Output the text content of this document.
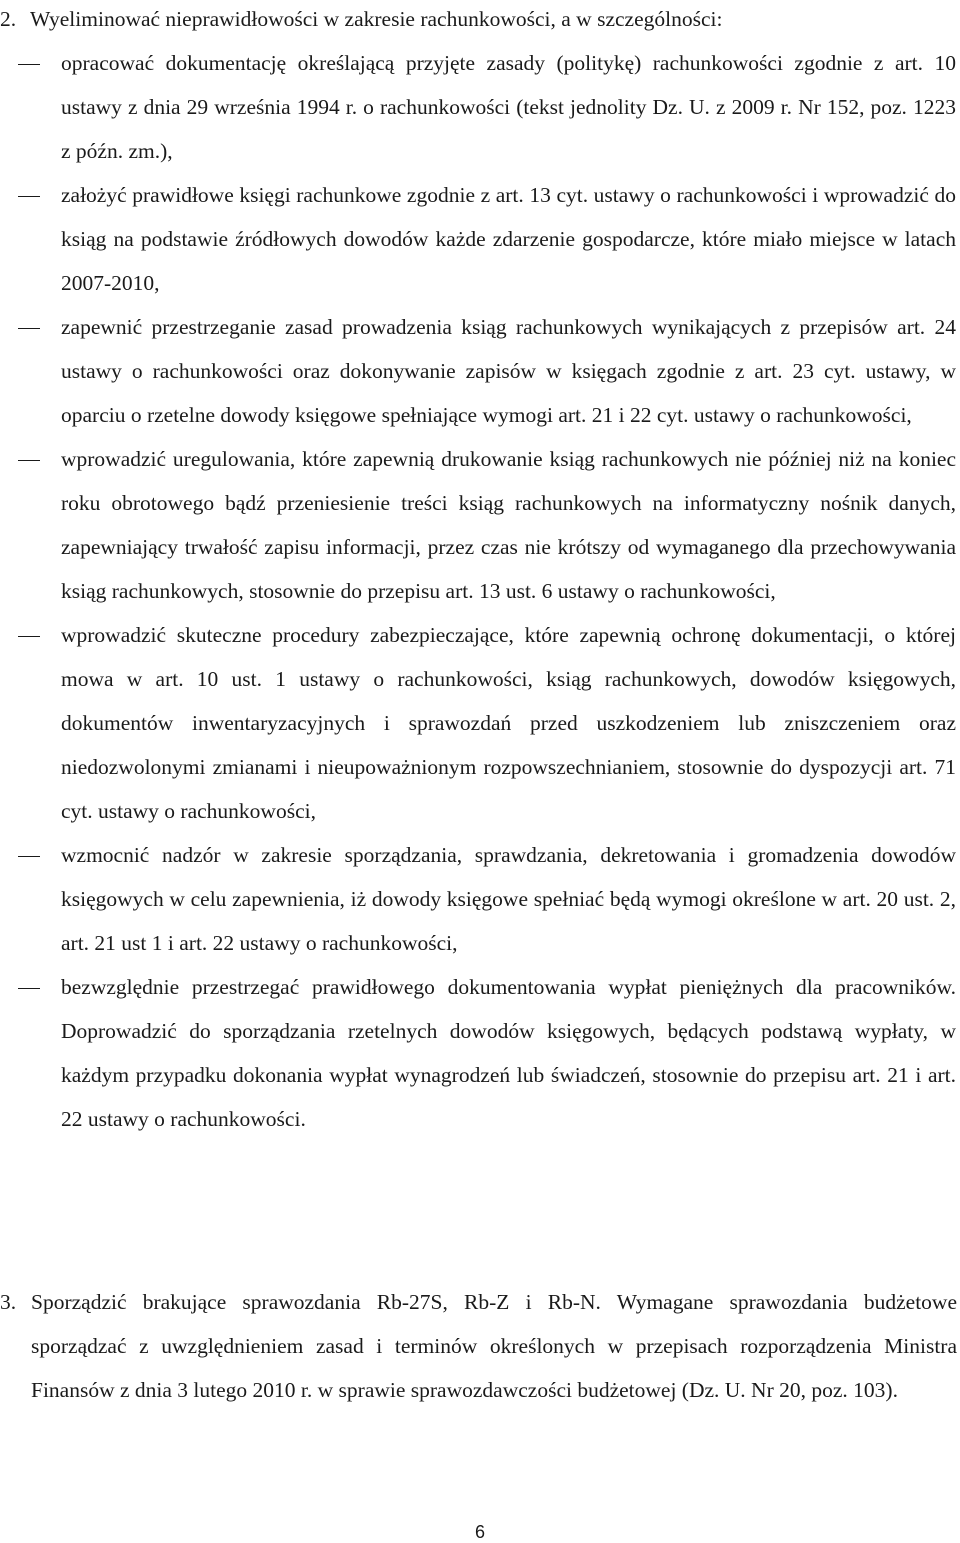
2. Wyeliminować nieprawidłowości w zakresie rachunkowości, a w szczególności:
opracować dokumentację określającą przyjęte zasady (politykę) rachunkowości zgodnie z art. 10 ustawy z dnia 29 września 1994 r. o rachunkowości (tekst jednolity Dz. U. z 2009 r. Nr 152, poz. 1223 z późn. zm.),
założyć prawidłowe księgi rachunkowe zgodnie z art. 13 cyt. ustawy o rachunkowości i wprowadzić do ksiąg na podstawie źródłowych dowodów każde zdarzenie gospodarcze, które miało miejsce w latach 2007-2010,
zapewnić przestrzeganie zasad prowadzenia ksiąg rachunkowych wynikających z przepisów art. 24 ustawy o rachunkowości oraz dokonywanie zapisów w księgach zgodnie z art. 23 cyt. ustawy, w oparciu o rzetelne dowody księgowe spełniające wymogi art. 21 i 22 cyt. ustawy o rachunkowości,
wprowadzić uregulowania, które zapewnią drukowanie ksiąg rachunkowych nie później niż na koniec roku obrotowego bądź przeniesienie treści ksiąg rachunkowych na informatyczny nośnik danych, zapewniający trwałość zapisu informacji, przez czas nie krótszy od wymaganego dla przechowywania ksiąg rachunkowych, stosownie do przepisu art. 13 ust. 6 ustawy o rachunkowości,
wprowadzić skuteczne procedury zabezpieczające, które zapewnią ochronę dokumentacji, o której mowa w art. 10 ust. 1 ustawy o rachunkowości, ksiąg rachunkowych, dowodów księgowych, dokumentów inwentaryzacyjnych i sprawozdań przed uszkodzeniem lub zniszczeniem oraz niedozwolonymi zmianami i nieupoważnionym rozpowszechnianiem, stosownie do dyspozycji art. 71 cyt. ustawy o rachunkowości,
wzmocnić nadzór w zakresie sporządzania, sprawdzania, dekretowania i gromadzenia dowodów księgowych w celu zapewnienia, iż dowody księgowe spełniać będą wymogi określone w art. 20 ust. 2, art. 21 ust 1 i art. 22 ustawy o rachunkowości,
bezwzględnie przestrzegać prawidłowego dokumentowania wypłat pieniężnych dla pracowników. Doprowadzić do sporządzania rzetelnych dowodów księgowych, będących podstawą wypłaty, w każdym przypadku dokonania wypłat wynagrodzeń lub świadczeń, stosownie do przepisu art. 21 i art. 22 ustawy o rachunkowości.
3. Sporządzić brakujące sprawozdania Rb-27S, Rb-Z i Rb-N. Wymagane sprawozdania budżetowe sporządzać z uwzględnieniem zasad i terminów określonych w przepisach rozporządzenia Ministra Finansów z dnia 3 lutego 2010 r. w sprawie sprawozdawczości budżetowej (Dz. U. Nr 20, poz. 103).
6
